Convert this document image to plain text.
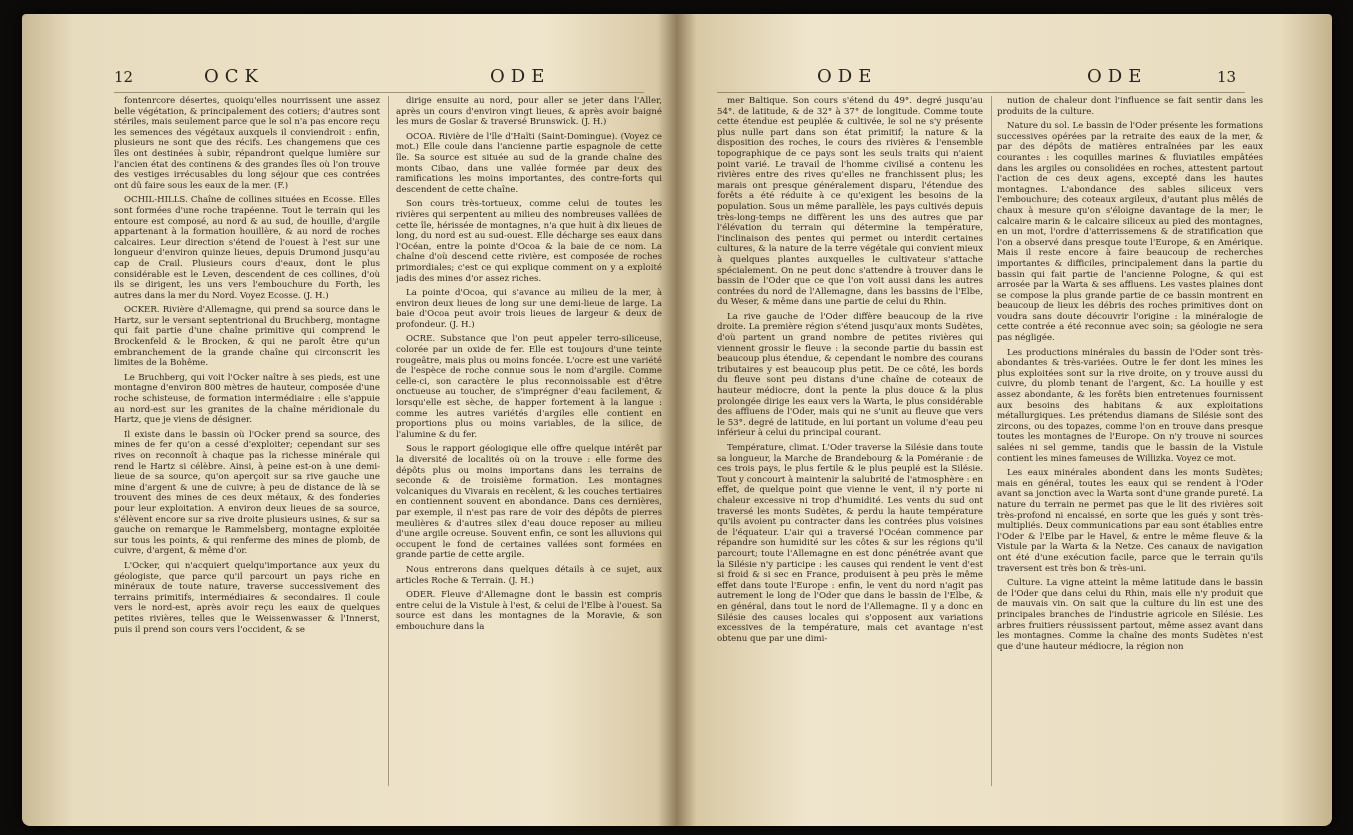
12	OCK	ODE

fontenrcore désertes, quoiqu'elles nourrissent une assez belle végétation, & principalement des cotiers; d'autres sont stériles, mais seulement parce que le sol n'a pas encore reçu les semences des végétaux auxquels il conviendroit : enfin, plusieurs ne sont que des récifs. Les changemens que ces îles ont destinées à subir, répandront quelque lumière sur l'ancien état des continens & des grandes îles où l'on trouve des vestiges irrécusables du long séjour que ces contrées ont dû faire sous les eaux de la mer. (F.)

OCHIL-HILLS. Chaîne de collines situées en Ecosse. Elles sont formées d'une roche trapéenne. Tout le terrain qui les entoure est composé, au nord & au sud, de houille, d'argile appartenant à la formation houillère, & au nord de roches calcaires. Leur direction s'étend de l'ouest à l'est sur une longueur d'environ quinze lieues, depuis Drumond jusqu'au cap de Crail. Plusieurs cours d'eaux, dont le plus considérable est le Leven, descendent de ces collines, d'où ils se dirigent, les uns vers l'embouchure du Forth, les autres dans la mer du Nord. Voyez Ecosse. (J. H.)

OCKER. Rivière d'Allemagne, qui prend sa source dans le Hartz, sur le versant septentrional du Bruchberg, montagne qui fait partie d'une chaîne primitive qui comprend le Brockenfeld & le Brocken, & qui ne paroît être qu'un embranchement de la grande chaîne qui circonscrit les limites de la Bohême.

Le Bruchberg, qui voit l'Ocker naître à ses pieds, est une montagne d'environ 800 mètres de hauteur, composée d'une roche schisteuse, de formation intermédiaire : elle s'appuie au nord-est sur les granites de la chaîne méridionale du Hartz, que je viens de désigner.

Il existe dans le bassin où l'Ocker prend sa source, des mines de fer qu'on a cessé d'exploiter; cependant sur ses rives on reconnoît à chaque pas la richesse minérale qui rend le Hartz si célèbre. Ainsi, à peine est-on à une demi-lieue de sa source, qu'on aperçoit sur sa rive gauche une mine d'argent & une de cuivre; à peu de distance de là se trouvent des mines de ces deux métaux, & des fonderies pour leur exploitation. A environ deux lieues de sa source, s'élèvent encore sur sa rive droite plusieurs usines, & sur sa gauche on remarque le Rammelsberg, montagne exploitée sur tous les points, & qui renferme des mines de plomb, de cuivre, d'argent, & même d'or.

L'Ocker, qui n'acquiert quelqu'importance aux yeux du géologiste, que parce qu'il parcourt un pays riche en minéraux de toute nature, traverse successivement des terrains primitifs, intermédiaires & secondaires. Il coule vers le nord-est, après avoir reçu les eaux de quelques petites rivières, telles que le Weissenwasser & l'Innerst, puis il prend son cours vers l'occident, & se

dirige ensuite au nord, pour aller se jeter dans l'Aller, après un cours d'environ vingt lieues, & après avoir baigné les murs de Goslar & traversé Brunswick. (J. H.)

OCOA. Rivière de l'île d'Haïti (Saint-Domingue). (Voyez ce mot.) Elle coule dans l'ancienne partie espagnole de cette île. Sa source est située au sud de la grande chaîne des monts Cibao, dans une vallée formée par deux des ramifications les moins importantes, des contre-forts qui descendent de cette chaîne.

Son cours très-tortueux, comme celui de toutes les rivières qui serpentent au milieu des nombreuses vallées de cette île, hérissée de montagnes, n'a que huit à dix lieues de long, du nord est au sud-ouest. Elle décharge ses eaux dans l'Océan, entre la pointe d'Ocoa & la baie de ce nom. La chaîne d'où descend cette rivière, est composée de roches primordiales; c'est ce qui explique comment on y a exploité jadis des mines d'or assez riches.

La pointe d'Ocoa, qui s'avance au milieu de la mer, à environ deux lieues de long sur une demi-lieue de large. La baie d'Ocoa peut avoir trois lieues de largeur & deux de profondeur. (J. H.)

OCRE. Substance que l'on peut appeler terro-siliceuse, colorée par un oxide de fer. Elle est toujours d'une teinte rougeâtre, mais plus ou moins foncée. L'ocre est une variété de l'espèce de roche connue sous le nom d'argile. Comme celle-ci, son caractère le plus reconnoissable est d'être onctueuse au toucher, de s'imprégner d'eau facilement, & lorsqu'elle est sèche, de happer fortement à la langue : comme les autres variétés d'argiles elle contient en proportions plus ou moins variables, de la silice, de l'alumine & du fer.

Sous le rapport géologique elle offre quelque intérêt par la diversité de localités où on la trouve : elle forme des dépôts plus ou moins importans dans les terrains de seconde & de troisième formation. Les montagnes volcaniques du Vivarais en recèlent, & les couches tertiaires en contiennent souvent en abondance. Dans ces dernières, par exemple, il n'est pas rare de voir des dépôts de pierres meulières & d'autres silex d'eau douce reposer au milieu d'une argile ocreuse. Souvent enfin, ce sont les alluvions qui occupent le fond de certaines vallées sont formées en grande partie de cette argile.

Nous entrerons dans quelques détails à ce sujet, aux articles Roche & Terrain. (J. H.)

ODER. Fleuve d'Allemagne dont le bassin est compris entre celui de la Vistule à l'est, & celui de l'Elbe à l'ouest. Sa source est dans les montagnes de la Moravie, & son embouchure dans la

ODE	ODE	13

mer Baltique. Son cours s'étend du 49°. degré jusqu'au 54°. de latitude, & de 32° à 37° de longitude. Comme toute cette étendue est peuplée & cultivée, le sol ne s'y présente plus nulle part dans son état primitif; la nature & la disposition des roches, le cours des rivières & l'ensemble topographique de ce pays sont les seuls traits qui n'aient point varié. Le travail de l'homme civilisé a contenu les rivières entre des rives qu'elles ne franchissent plus; les marais ont presque généralement disparu, l'étendue des forêts a été réduite à ce qu'exigent les besoins de la population. Sous un même parallèle, les pays cultivés depuis très-long-temps ne diffèrent les uns des autres que par l'élévation du terrain qui détermine la température, l'inclinaison des pentes qui permet ou interdit certaines cultures, & la nature de la terre végétale qui convient mieux à quelques plantes auxquelles le cultivateur s'attache spécialement. On ne peut donc s'attendre à trouver dans le bassin de l'Oder que ce que l'on voit aussi dans les autres contrées du nord de l'Allemagne, dans les bassins de l'Elbe, du Weser, & même dans une partie de celui du Rhin.

La rive gauche de l'Oder diffère beaucoup de la rive droite. La première région s'étend jusqu'aux monts Sudètes, d'où partent un grand nombre de petites rivières qui viennent grossir le fleuve : la seconde partie du bassin est beaucoup plus étendue, & cependant le nombre des courans tributaires y est beaucoup plus petit. De ce côté, les bords du fleuve sont peu distans d'une chaîne de coteaux de hauteur médiocre, dont la pente la plus douce & la plus prolongée dirige les eaux vers la Warta, le plus considérable des affluens de l'Oder, mais qui ne s'unit au fleuve que vers le 53°. degré de latitude, en lui portant un volume d'eau peu inférieur à celui du principal courant.

Température, climat. L'Oder traverse la Silésie dans toute sa longueur, la Marche de Brandebourg & la Poméranie : de ces trois pays, le plus fertile & le plus peuplé est la Silésie. Tout y concourt à maintenir la salubrité de l'atmosphère : en effet, de quelque point que vienne le vent, il n'y porte ni chaleur excessive ni trop d'humidité. Les vents du sud ont traversé les monts Sudètes, & perdu la haute température qu'ils avoient pu contracter dans les contrées plus voisines de l'équateur. L'air qui a traversé l'Océan commence par répandre son humidité sur les côtes & sur les régions qu'il parcourt; toute l'Allemagne en est donc pénétrée avant que la Silésie n'y participe : les causes qui rendent le vent d'est si froid & si sec en France, produisent à peu près le même effet dans toute l'Europe : enfin, le vent du nord n'agit pas autrement le long de l'Oder que dans le bassin de l'Elbe, & en général, dans tout le nord de l'Allemagne. Il y a donc en Silésie des causes locales qui s'opposent aux variations excessives de la température, mais cet avantage n'est obtenu que par une dimi-

nution de chaleur dont l'influence se fait sentir dans les produits de la culture.

Nature du sol. Le bassin de l'Oder présente les formations successives opérées par la retraite des eaux de la mer, & par des dépôts de matières entraînées par les eaux courantes : les coquilles marines & fluviatiles empâtées dans les argiles ou consolidées en roches, attestent partout l'action de ces deux agens, excepté dans les hautes montagnes. L'abondance des sables siliceux vers l'embouchure; des coteaux argileux, d'autant plus mêlés de chaux à mesure qu'on s'éloigne davantage de la mer; le calcaire marin & le calcaire siliceux au pied des montagnes, en un mot, l'ordre d'atterrissemens & de stratification que l'on a observé dans presque toute l'Europe, & en Amérique. Mais il reste encore à faire beaucoup de recherches importantes & difficiles, principalement dans la partie du bassin qui fait partie de l'ancienne Pologne, & qui est arrosée par la Warta & ses affluens. Les vastes plaines dont se compose la plus grande partie de ce bassin montrent en beaucoup de lieux les débris des roches primitives dont on voudra sans doute découvrir l'origine : la minéralogie de cette contrée a été reconnue avec soin; sa géologie ne sera pas négligée.

Les productions minérales du bassin de l'Oder sont très-abondantes & très-variées. Outre le fer dont les mines les plus exploitées sont sur la rive droite, on y trouve aussi du cuivre, du plomb tenant de l'argent, &c. La houille y est assez abondante, & les forêts bien entretenues fournissent aux besoins des habitans & aux exploitations métallurgiques. Les prétendus diamans de Silésie sont des zircons, ou des topazes, comme l'on en trouve dans presque toutes les montagnes de l'Europe. On n'y trouve ni sources salées ni sel gemme, tandis que le bassin de la Vistule contient les mines fameuses de Willizka. Voyez ce mot.

Les eaux minérales abondent dans les monts Sudètes; mais en général, toutes les eaux qui se rendent à l'Oder avant sa jonction avec la Warta sont d'une grande pureté. La nature du terrain ne permet pas que le lit des rivières soit très-profond ni encaissé, en sorte que les gués y sont très-multipliés. Deux communications par eau sont établies entre l'Oder & l'Elbe par le Havel, & entre le même fleuve & la Vistule par la Warta & la Netze. Ces canaux de navigation ont été d'une exécution facile, parce que le terrain qu'ils traversent est très bon & très-uni.

Culture. La vigne atteint la même latitude dans le bassin de l'Oder que dans celui du Rhin, mais elle n'y produit que de mauvais vin. On sait que la culture du lin est une des principales branches de l'industrie agricole en Silésie. Les arbres fruitiers réussissent partout, même assez avant dans les montagnes. Comme la chaîne des monts Sudètes n'est que d'une hauteur médiocre, la région non
